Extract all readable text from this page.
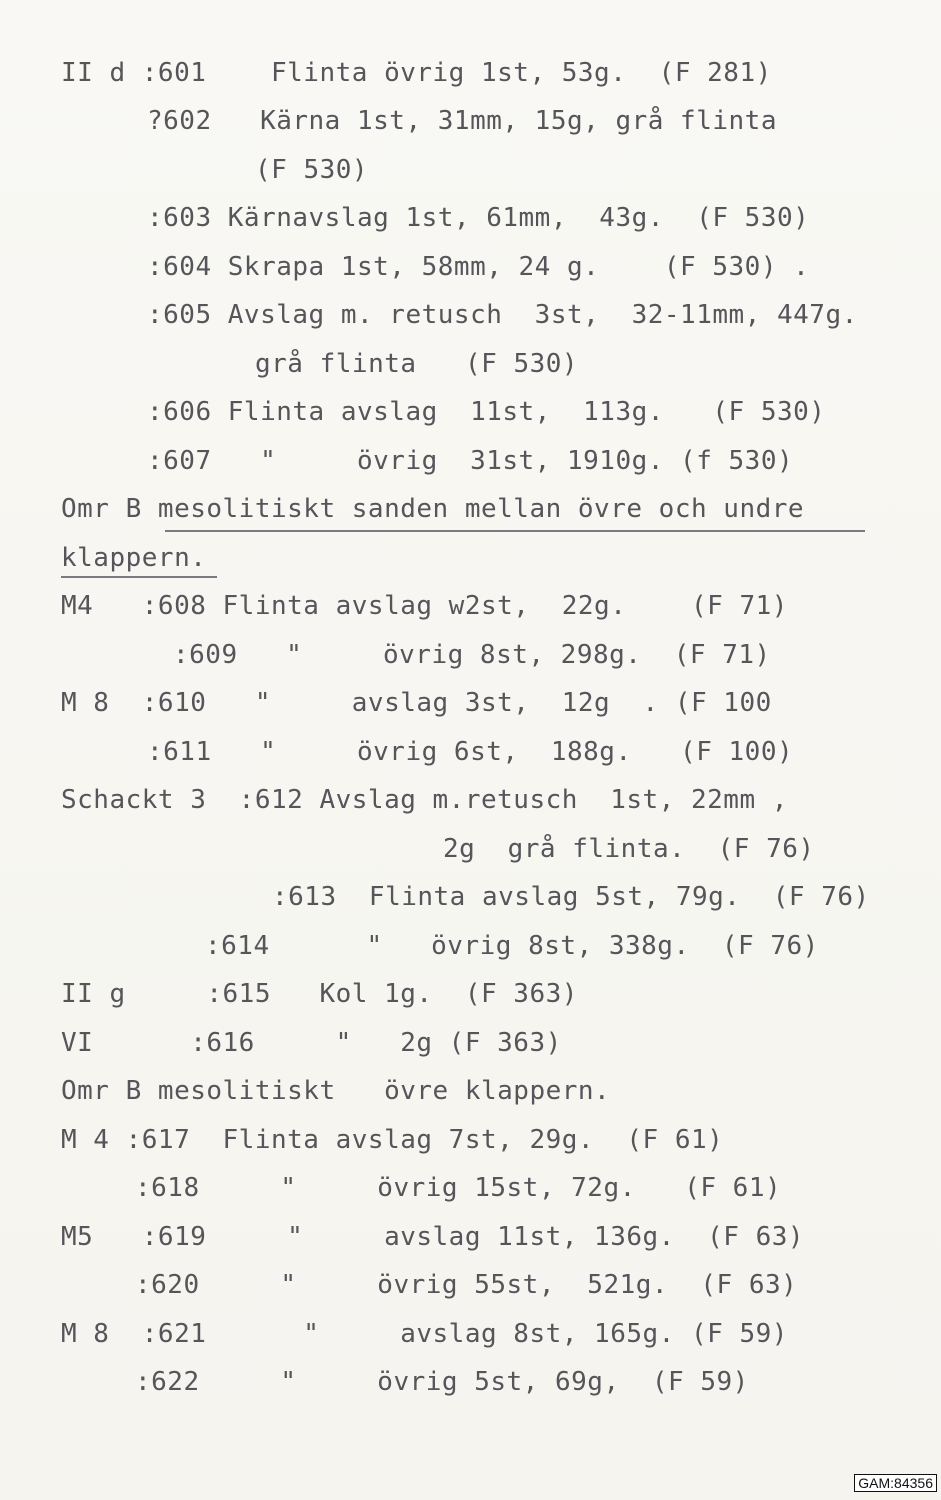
II d :601    Flinta övrig 1st, 53g.  (F 281)
?602   Kärna 1st, 31mm, 15g, grå flinta
(F 530)
:603 Kärnavslag 1st, 61mm,  43g.  (F 530)
:604 Skrapa 1st, 58mm, 24 g.    (F 530) .
:605 Avslag m. retusch  3st,  32-11mm, 447g.
grå flinta   (F 530)
:606 Flinta avslag  11st,  113g.   (F 530)
:607   "     övrig  31st, 1910g. (f 530)
Omr B mesolitiskt sanden mellan övre och undre
klappern.
M4   :608 Flinta avslag w2st,  22g.    (F 71)
:609   "     övrig 8st, 298g.  (F 71)
M 8  :610   "     avslag 3st,  12g  . (F 100
:611   "     övrig 6st,  188g.   (F 100)
Schackt 3  :612 Avslag m.retusch  1st, 22mm ,
2g  grå flinta.  (F 76)
:613  Flinta avslag 5st, 79g.  (F 76)
:614      "   övrig 8st, 338g.  (F 76)
II g     :615   Kol 1g.  (F 363)
VI      :616     "   2g (F 363)
Omr B mesolitiskt   övre klappern.
M 4 :617  Flinta avslag 7st, 29g.  (F 61)
:618     "     övrig 15st, 72g.   (F 61)
M5   :619     "     avslag 11st, 136g.  (F 63)
:620     "     övrig 55st,  521g.  (F 63)
M 8  :621      "     avslag 8st, 165g. (F 59)
:622     "     övrig 5st, 69g,  (F 59)
GAM:84356
